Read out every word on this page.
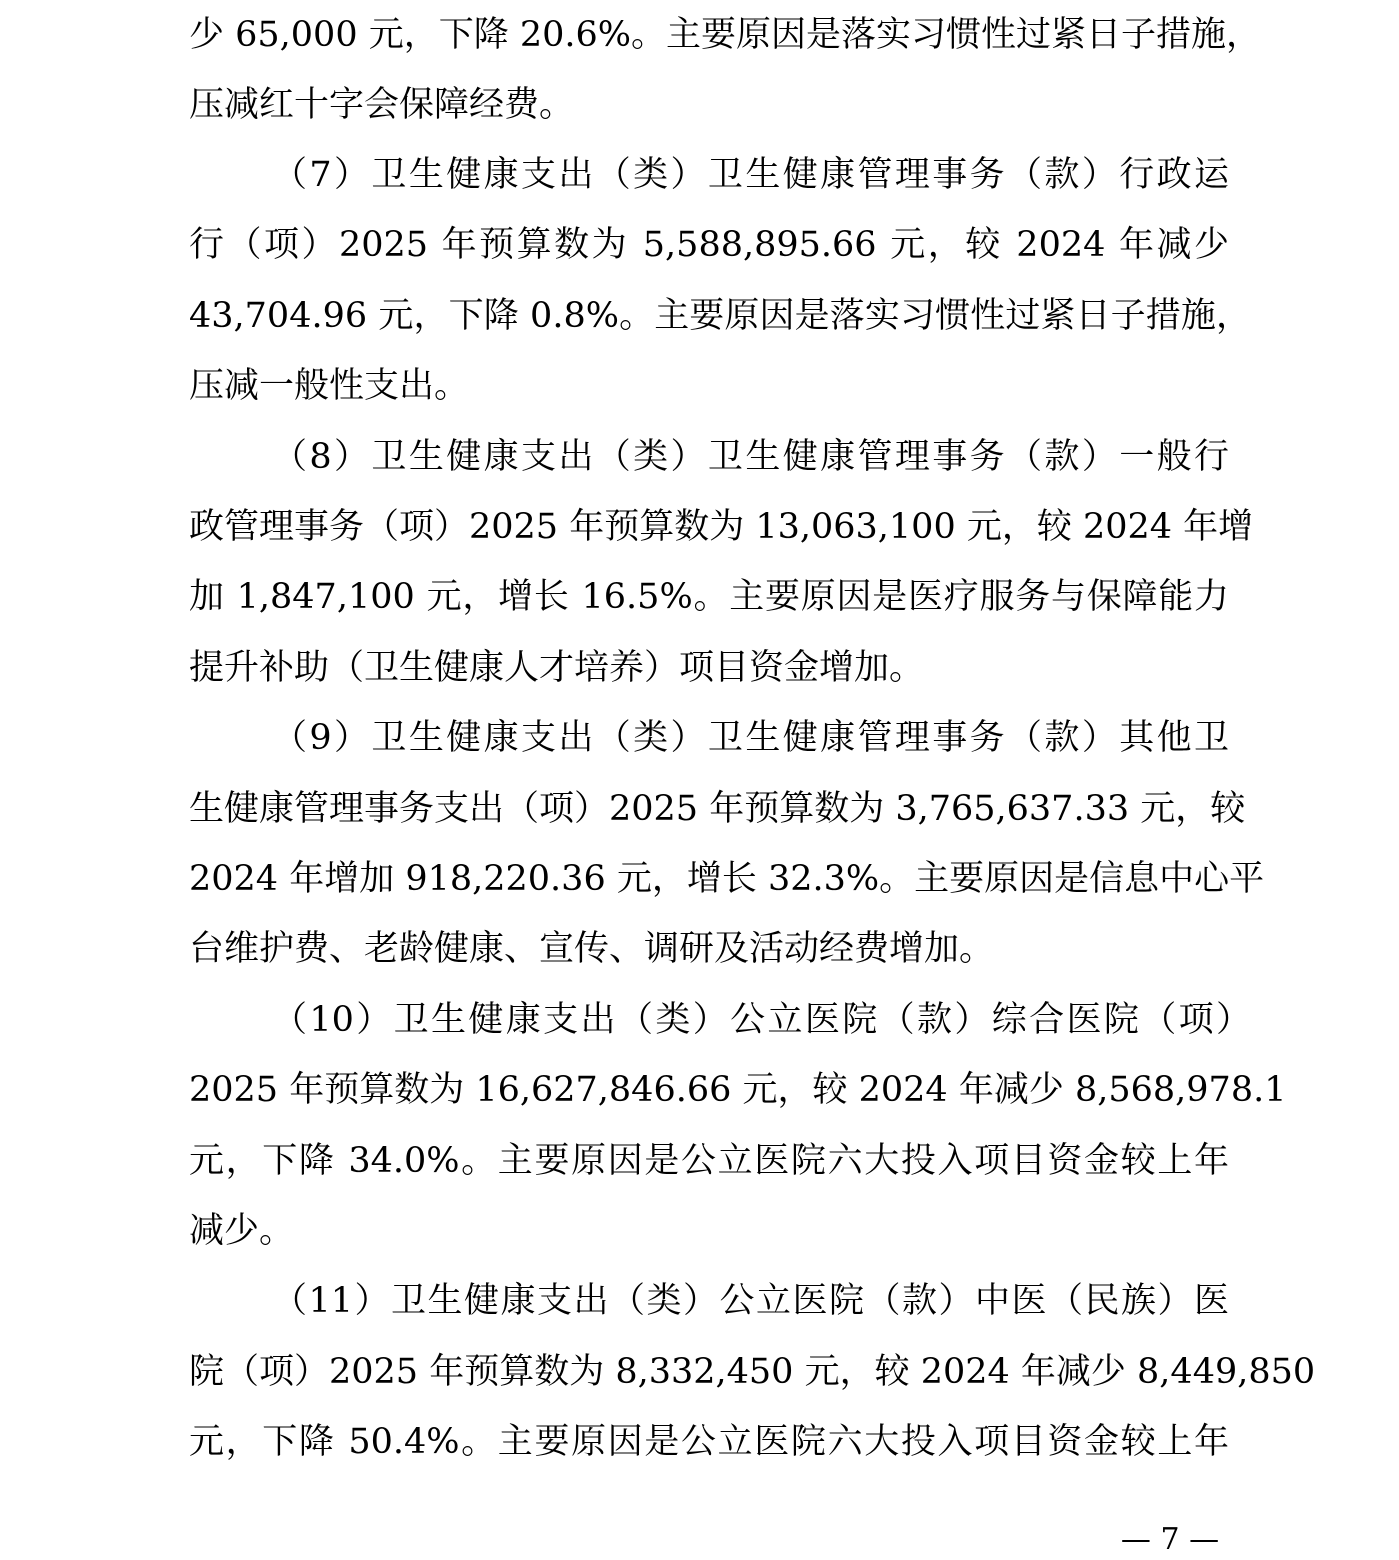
少 65,000 元，下降 20.6%。主要原因是落实习惯性过紧日子措施，
压减红十字会保障经费。
（7）卫生健康支出（类）卫生健康管理事务（款）行政运
行（项）2025 年预算数为 5,588,895.66 元，较 2024 年减少
43,704.96 元，下降 0.8%。主要原因是落实习惯性过紧日子措施，
压减一般性支出。
（8）卫生健康支出（类）卫生健康管理事务（款）一般行
政管理事务（项）2025 年预算数为 13,063,100 元，较 2024 年增
加 1,847,100 元，增长 16.5%。主要原因是医疗服务与保障能力
提升补助（卫生健康人才培养）项目资金增加。
（9）卫生健康支出（类）卫生健康管理事务（款）其他卫
生健康管理事务支出（项）2025 年预算数为 3,765,637.33 元，较
2024 年增加 918,220.36 元，增长 32.3%。主要原因是信息中心平
台维护费、老龄健康、宣传、调研及活动经费增加。
（10）卫生健康支出（类）公立医院（款）综合医院（项）
2025 年预算数为 16,627,846.66 元，较 2024 年减少 8,568,978.1
元，下降 34.0%。主要原因是公立医院六大投入项目资金较上年
减少。
（11）卫生健康支出（类）公立医院（款）中医（民族）医
院（项）2025 年预算数为 8,332,450 元，较 2024 年减少 8,449,850
元，下降 50.4%。主要原因是公立医院六大投入项目资金较上年
— 7 —
